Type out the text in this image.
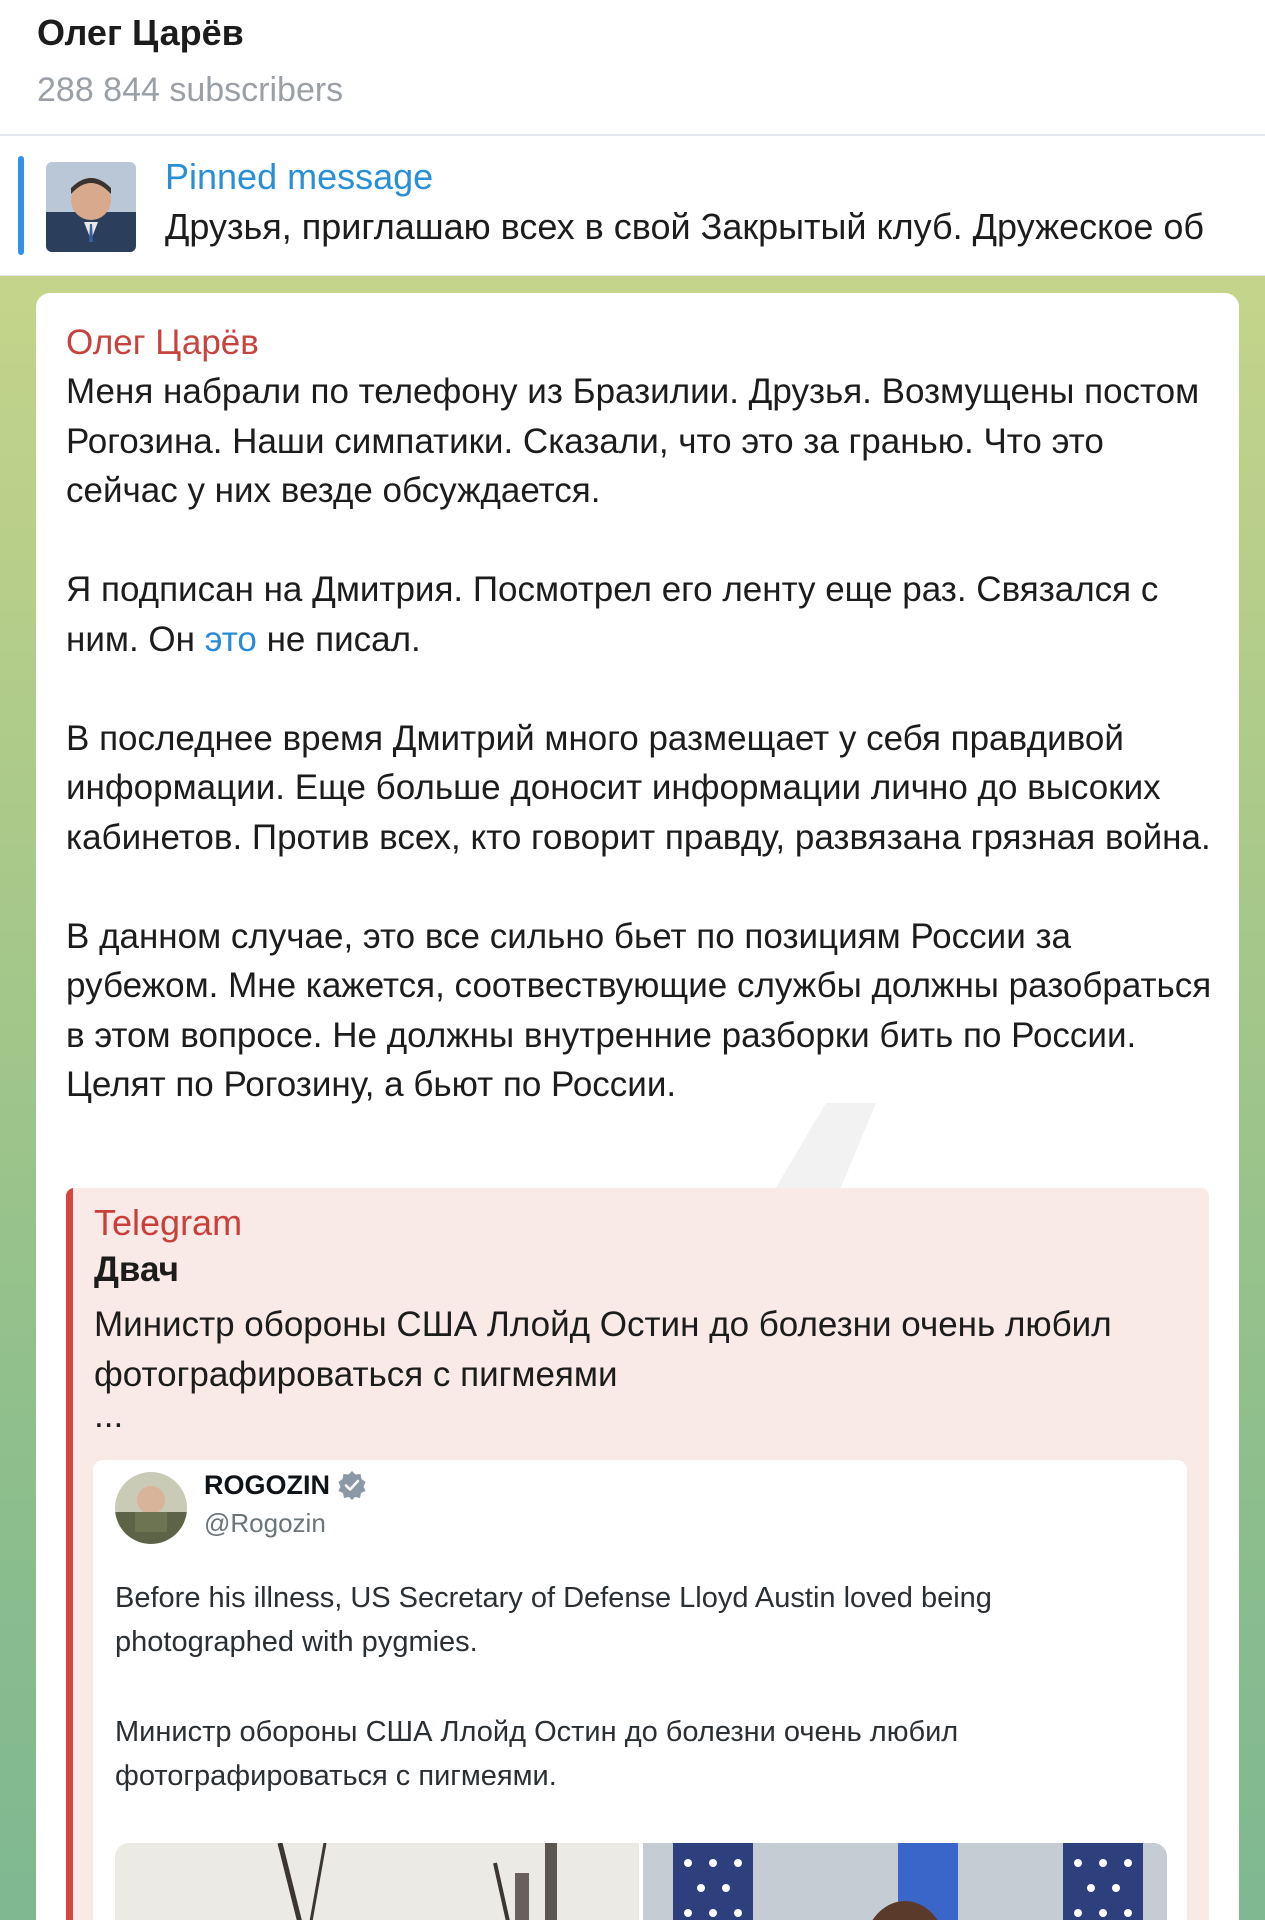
Олег Царёв
288 844 subscribers
Pinned message
Друзья, приглашаю всех в свой Закрытый клуб. Дружеское об
Олег Царёв

Меня набрали по телефону из Бразилии. Друзья. Возмущены постом Рогозина. Наши симпатики. Сказали, что это за гранью. Что это сейчас у них везде обсуждается.

Я подписан на Дмитрия. Посмотрел его ленту еще раз. Связался с ним. Он это не писал.

В последнее время Дмитрий много размещает у себя правдивой информации. Еще больше доносит информации лично до высоких кабинетов. Против всех, кто говорит правду, развязана грязная война.

В данном случае, это все сильно бьет по позициям России за рубежом. Мне кажется, соотвествующие службы должны разобраться в этом вопросе. Не должны внутренние разборки бить по России. Целят по Рогозину, а бьют по России.

Telegram
Двач
Министр обороны США Ллойд Остин до болезни очень любил фотографироваться с пигмеями
...
ROGOZIN
@Rogozin
Before his illness, US Secretary of Defense Lloyd Austin loved being photographed with pygmies.
Министр обороны США Ллойд Остин до болезни очень любил фотографироваться с пигмеями.
